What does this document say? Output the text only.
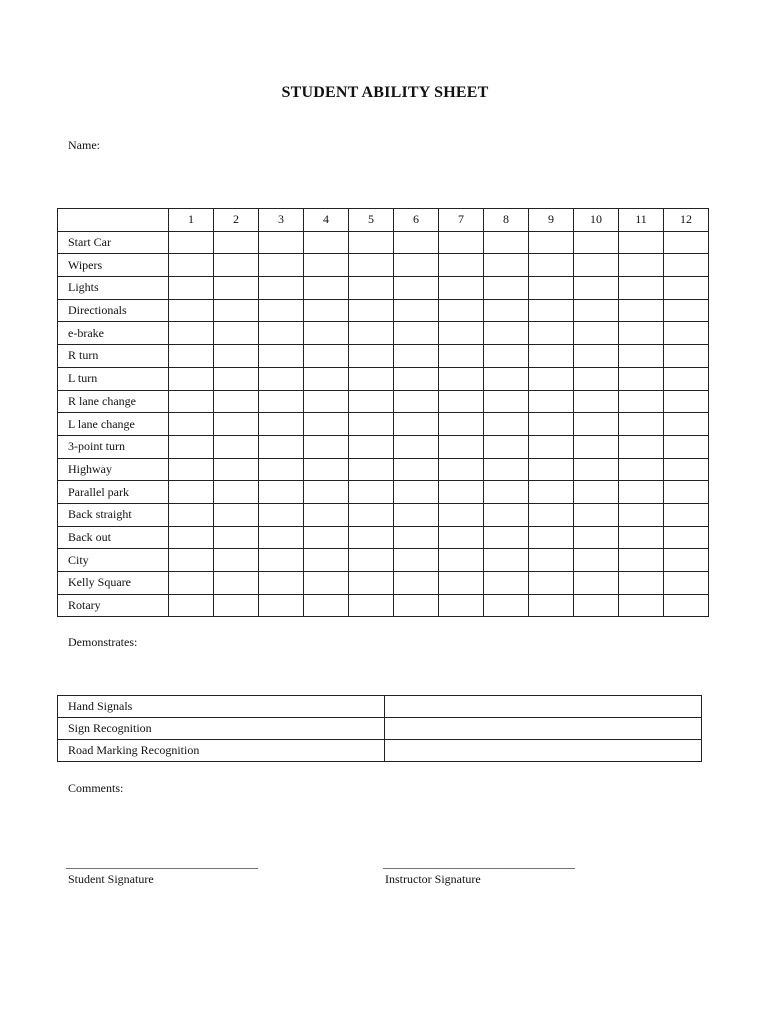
STUDENT ABILITY SHEET
Name:
	1	2	3	4	5	6	7	8	9	10	11	12
Start Car												
Wipers												
Lights												
Directionals												
e-brake												
R turn												
L turn												
R lane change												
L lane change												
3-point turn												
Highway												
Parallel park												
Back straight												
Back out												
City												
Kelly Square												
Rotary												
Demonstrates:
Hand Signals	
Sign Recognition	
Road Marking Recognition	
Comments:
________________________________
Student Signature
________________________________
Instructor Signature
